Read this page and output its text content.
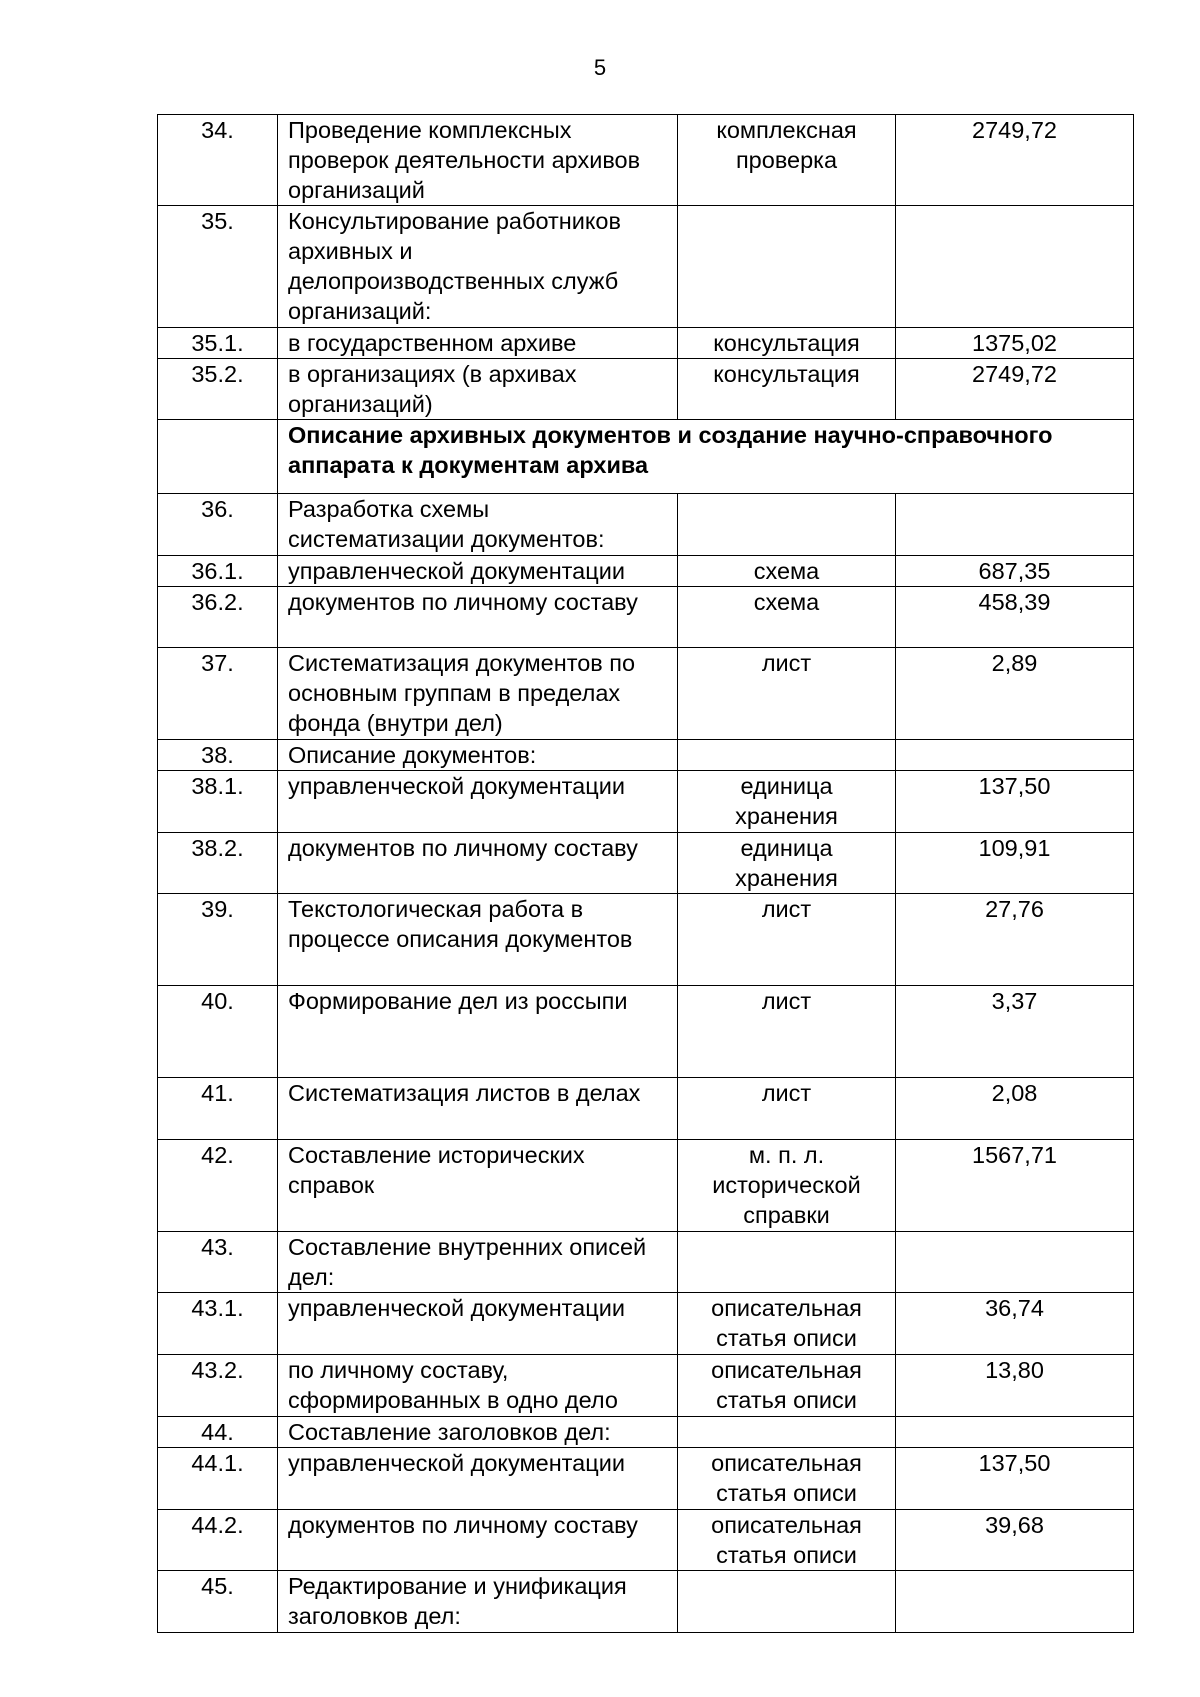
5
34.	Проведение комплексных проверок деятельности архивов организаций	комплексная проверка	2749,72
35.	Консультирование работников архивных и делопроизводственных служб организаций:		
35.1.	в государственном архиве	консультация	1375,02
35.2.	в организациях (в архивах организаций)	консультация	2749,72
	Описание архивных документов и создание научно-справочного аппарата к документам архива		
36.	Разработка схемы систематизации документов:		
36.1.	управленческой документации	схема	687,35
36.2.	документов по личному составу	схема	458,39
37.	Систематизация документов по основным группам в пределах фонда (внутри дел)	лист	2,89
38.	Описание документов:		
38.1.	управленческой документации	единица хранения	137,50
38.2.	документов по личному составу	единица хранения	109,91
39.	Текстологическая работа в процессе описания документов	лист	27,76
40.	Формирование дел из россыпи	лист	3,37
41.	Систематизация листов в делах	лист	2,08
42.	Составление исторических справок	м. п. л. исторической справки	1567,71
43.	Составление внутренних описей дел:		
43.1.	управленческой документации	описательная статья описи	36,74
43.2.	по личному составу, сформированных в одно дело	описательная статья описи	13,80
44.	Составление заголовков дел:		
44.1.	управленческой документации	описательная статья описи	137,50
44.2.	документов по личному составу	описательная статья описи	39,68
45.	Редактирование и унификация заголовков дел:		
